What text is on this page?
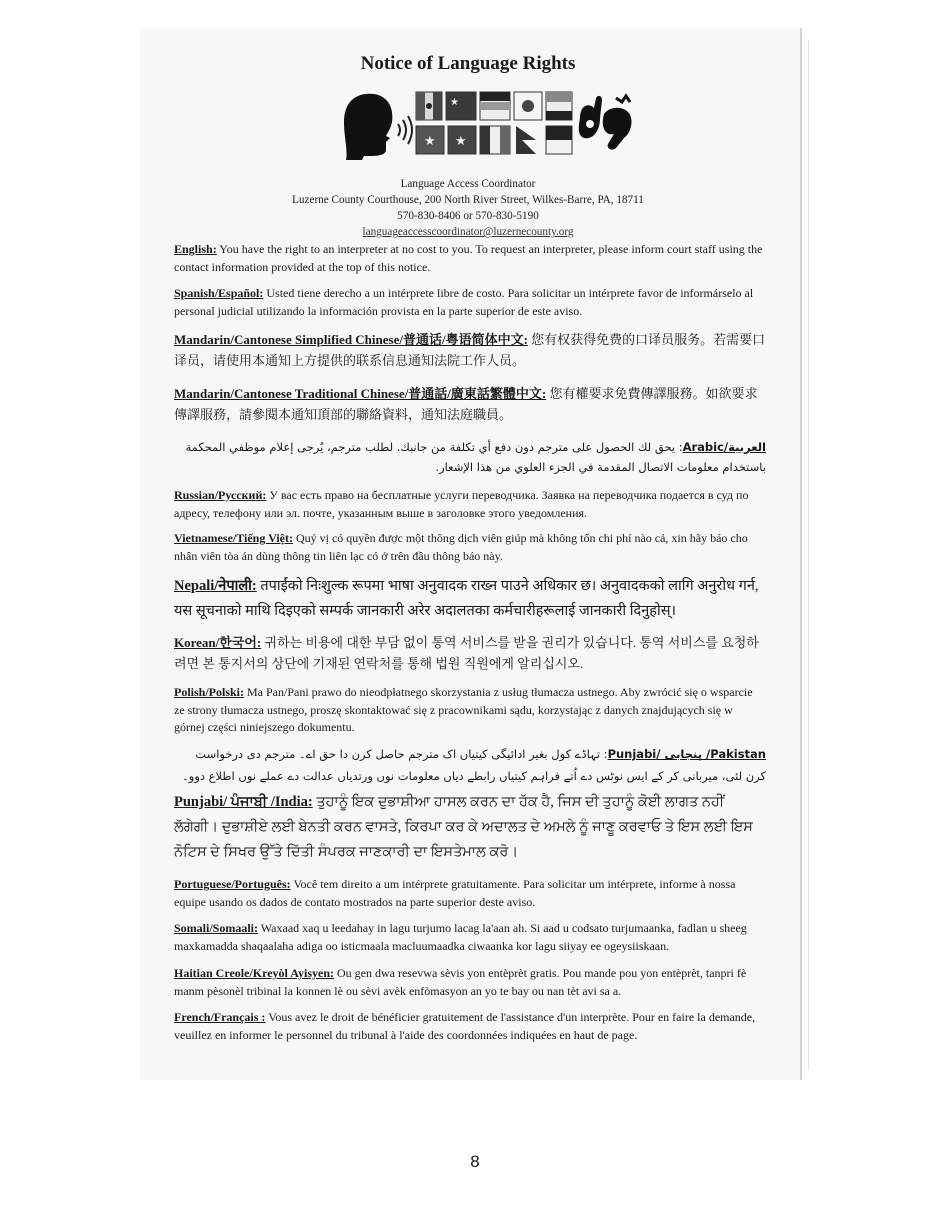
Notice of Language Rights
★
★ ★
Language Access Coordinator
Luzerne County Courthouse, 200 North River Street, Wilkes-Barre, PA, 18711
570-830-8406 or 570-830-5190
languageaccesscoordinator@luzernecounty.org

English: You have the right to an interpreter at no cost to you. To request an interpreter, please inform court staff using the contact information provided at the top of this notice.

Spanish/Español: Usted tiene derecho a un intérprete libre de costo. Para solicitar un intérprete favor de informárselo al personal judicial utilizando la información provista en la parte superior de este aviso.

Mandarin/Cantonese Simplified Chinese/普通话/粤语简体中文: 您有权获得免费的口译员服务。若需要口译员，请使用本通知上方提供的联系信息通知法院工作人员。

Mandarin/Cantonese Traditional Chinese/普通話/廣東話繁體中文: 您有權要求免費傳譯服務。如欲要求傳譯服務，請參閱本通知頂部的聯絡資料，通知法庭職員。

العربية/Arabic: يحق لك الحصول على مترجم دون دفع أي تكلفة من جانبك. لطلب مترجم، يُرجى إعلام موظفي المحكمة باستخدام معلومات الاتصال المقدمة في الجزء العلوي من هذا الإشعار.

Russian/Русский: У вас есть право на бесплатные услуги переводчика. Заявка на переводчика подается в суд по адресу, телефону или эл. почте, указанным выше в заголовке этого уведомления.

Vietnamese/Tiếng Việt: Quý vị có quyền được một thông dịch viên giúp mà không tốn chi phí nào cả, xin hãy báo cho nhân viên tòa án dùng thông tin liên lạc có ở trên đầu thông báo này.

Nepali/नेपाली: तपाईंको निःशुल्क रूपमा भाषा अनुवादक राख्न पाउने अधिकार छ। अनुवादकको लागि अनुरोध गर्न, यस सूचनाको माथि दिइएको सम्पर्क जानकारी अरेर अदालतका कर्मचारीहरूलाई जानकारी दिनुहोस्।

Korean/한국어: 귀하는 비용에 대한 부담 없이 통역 서비스를 받을 권리가 있습니다. 통역 서비스를 요청하려면 본 통지서의 상단에 기재된 연락처를 통해 법원 직원에게 알리십시오.

Polish/Polski: Ma Pan/Pani prawo do nieodpłatnego skorzystania z usług tłumacza ustnego. Aby zwrócić się o wsparcie ze strony tłumacza ustnego, proszę skontaktować się z pracownikami sądu, korzystając z danych znajdujących się w górnej części niniejszego dokumentu.

Pakistan/ پنجابی /Punjabi: تہاڈے کول بغیر ادائیگی کیتیاں اک مترجم حاصل کرن دا حق اے۔ مترجم دی درخواست کرن لئی، میربانی کر کے ایس نوٹس دے اُتے فراہم کیتیاں رابطے دیاں معلومات نوں ورتدیاں عدالت دے عملے نوں اطلاع دوو۔

Punjabi/ ਪੰਜਾਬੀ /India: ਤੁਹਾਨੂੰ ਇਕ ਦੁਭਾਸ਼ੀਆ ਹਾਸਲ ਕਰਨ ਦਾ ਹੱਕ ਹੈ, ਜਿਸ ਦੀ ਤੁਹਾਨੂੰ ਕੋਈ ਲਾਗਤ ਨਹੀਂ ਲੱਗੇਗੀ। ਦੁਭਾਸ਼ੀਏ ਲਈ ਬੇਨਤੀ ਕਰਨ ਵਾਸਤੇ, ਕਿਰਪਾ ਕਰ ਕੇ ਅਦਾਲਤ ਦੇ ਅਮਲੇ ਨੂੰ ਜਾਣੂ ਕਰਵਾਓ ਤੇ ਇਸ ਲਈ ਇਸ ਨੋਟਿਸ ਦੇ ਸਿਖਰ ਉੱਤੇ ਦਿੱਤੀ ਸੰਪਰਕ ਜਾਣਕਾਰੀ ਦਾ ਇਸਤੇਮਾਲ ਕਰੋ।

Portuguese/Português: Você tem direito a um intérprete gratuitamente. Para solicitar um intérprete, informe à nossa equipe usando os dados de contato mostrados na parte superior deste aviso.

Somali/Somaali: Waxaad xaq u leedahay in lagu turjumo lacag la'aan ah. Si aad u codsato turjumaanka, fadlan u sheeg maxkamadda shaqaalaha adiga oo isticmaala macluumaadka ciwaanka kor lagu siiyay ee ogeysiiskaan.

Haitian Creole/Kreyòl Ayisyen: Ou gen dwa resevwa sèvis yon entèprèt gratis. Pou mande pou yon entèprèt, tanpri fè manm pèsonèl tribinal la konnen lè ou sèvi avèk enfòmasyon an yo te bay ou nan tèt avi sa a.

French/Français : Vous avez le droit de bénéficier gratuitement de l'assistance d'un interprète. Pour en faire la demande, veuillez en informer le personnel du tribunal à l'aide des coordonnées indiquées en haut de page.

8
